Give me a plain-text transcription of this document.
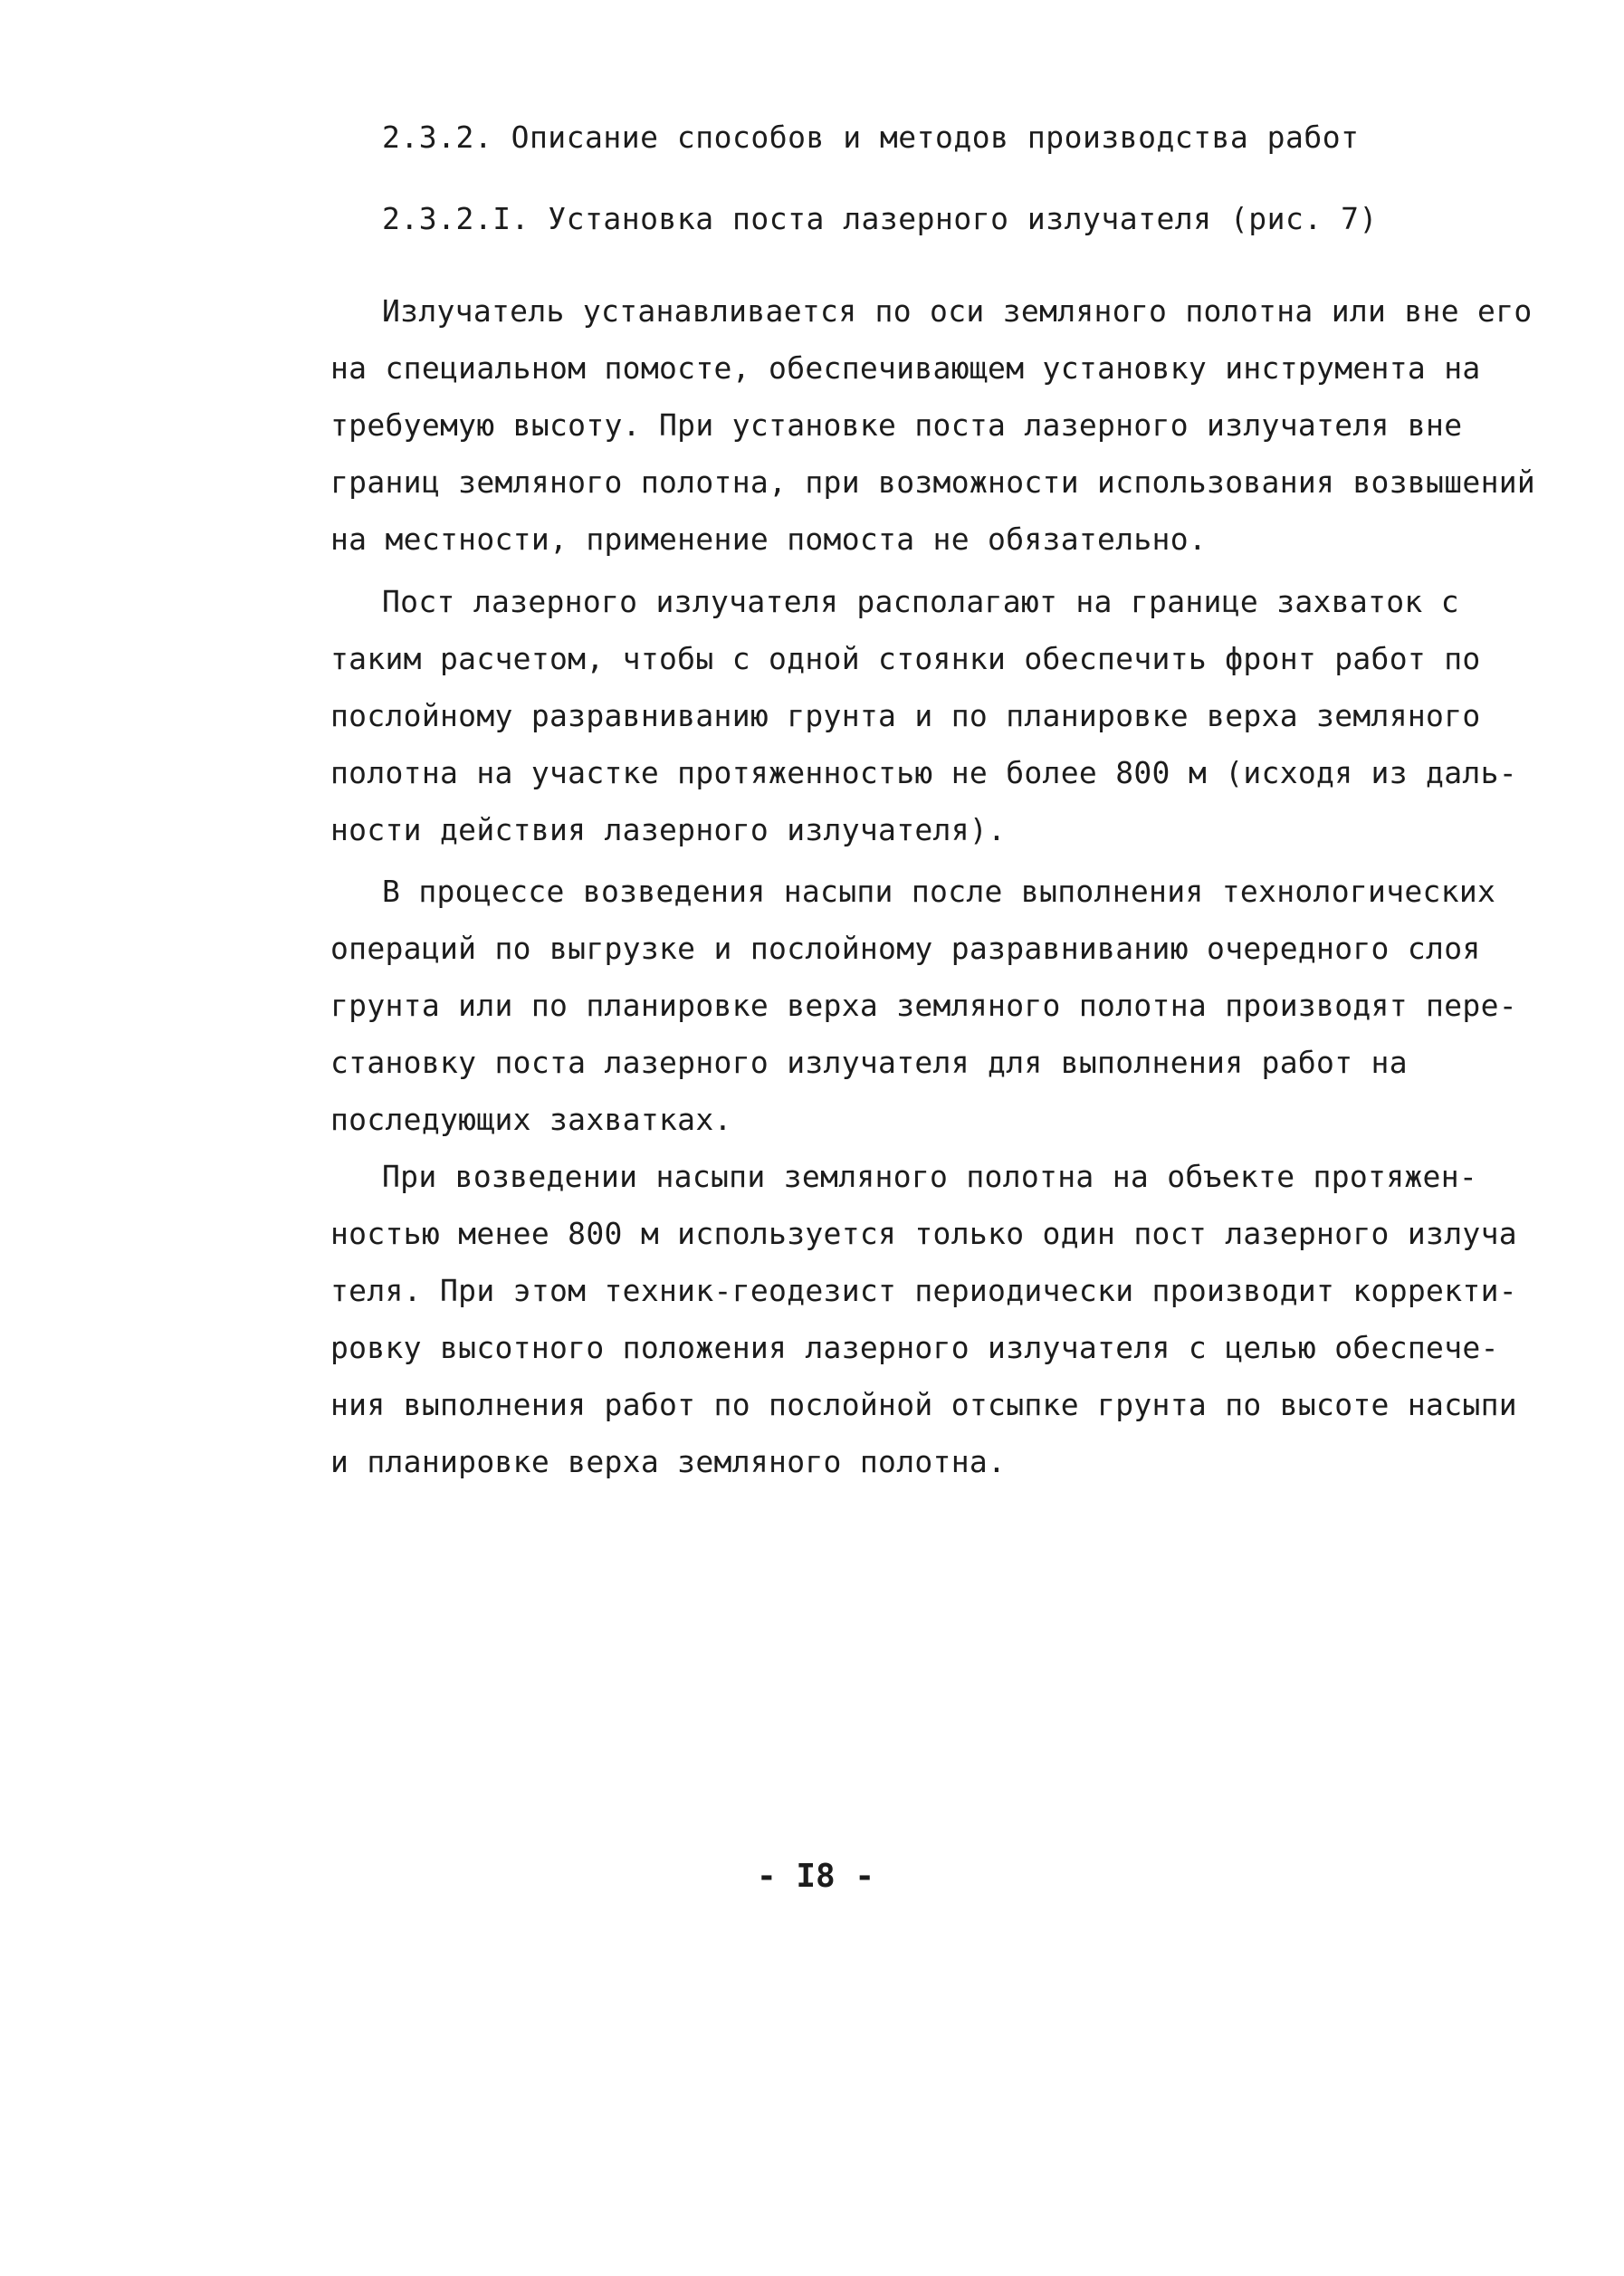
2.3.2. Описание способов и методов производства работ
2.3.2.I. Установка поста лазерного излучателя (рис. 7)
Излучатель устанавливается по оси земляного полотна или вне его
на специальном помосте, обеспечивающем установку инструмента на
требуемую высоту. При установке поста лазерного излучателя вне
границ земляного полотна, при возможности использования возвышений
на местности, применение помоста не обязательно.
Пост лазерного излучателя располагают на границе захваток с
таким расчетом, чтобы с одной стоянки обеспечить фронт работ по
послойному разравниванию грунта и по планировке верха земляного
полотна на участке протяженностью не более 800 м (исходя из даль-
ности действия лазерного излучателя).
В процессе возведения насыпи после выполнения технологических
операций по выгрузке и послойному разравниванию очередного слоя
грунта или по планировке верха земляного полотна производят пере-
становку поста лазерного излучателя для выполнения работ на
последующих захватках.
При возведении насыпи земляного полотна на объекте протяжен-
ностью менее 800 м используется только один пост лазерного излуча
теля. При этом техник-геодезист периодически производит корректи-
ровку высотного положения лазерного излучателя с целью обеспече-
ния выполнения работ по послойной отсыпке грунта по высоте насыпи
и планировке верха земляного полотна.
- I8 -
